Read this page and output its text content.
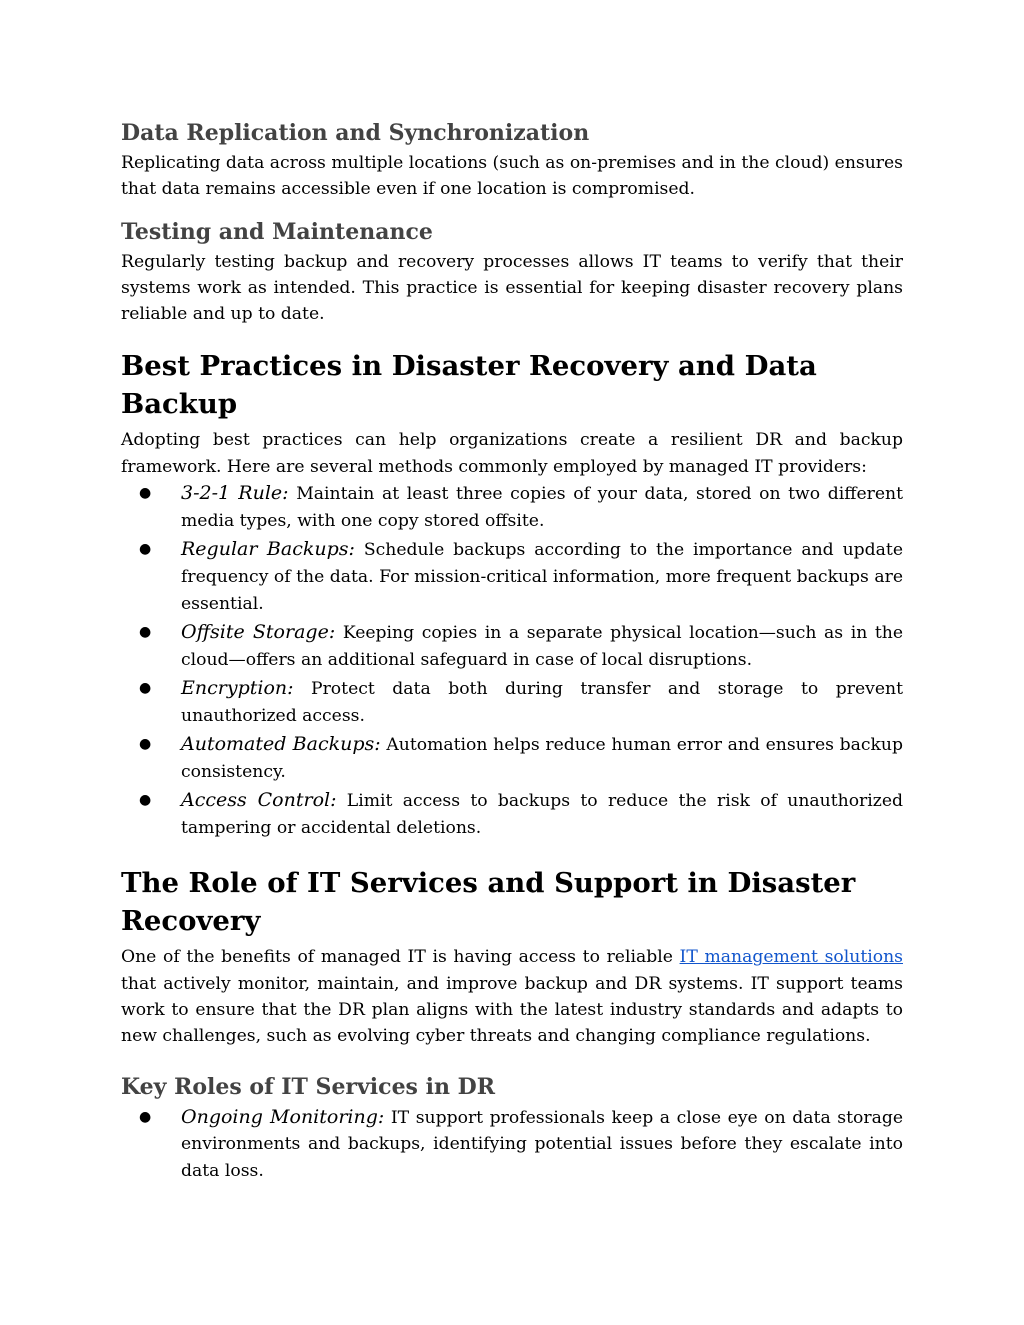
Data Replication and Synchronization

Replicating data across multiple locations (such as on-premises and in the cloud) ensures that data remains accessible even if one location is compromised.

Testing and Maintenance

Regularly testing backup and recovery processes allows IT teams to verify that their systems work as intended. This practice is essential for keeping disaster recovery plans reliable and up to date.

Best Practices in Disaster Recovery and Data Backup

Adopting best practices can help organizations create a resilient DR and backup framework. Here are several methods commonly employed by managed IT providers:

● 3-2-1 Rule: Maintain at least three copies of your data, stored on two different media types, with one copy stored offsite.
● Regular Backups: Schedule backups according to the importance and update frequency of the data. For mission-critical information, more frequent backups are essential.
● Offsite Storage: Keeping copies in a separate physical location—such as in the cloud—offers an additional safeguard in case of local disruptions.
● Encryption: Protect data both during transfer and storage to prevent unauthorized access.
● Automated Backups: Automation helps reduce human error and ensures backup consistency.
● Access Control: Limit access to backups to reduce the risk of unauthorized tampering or accidental deletions.
The Role of IT Services and Support in Disaster Recovery

One of the benefits of managed IT is having access to reliable IT management solutions that actively monitor, maintain, and improve backup and DR systems. IT support teams work to ensure that the DR plan aligns with the latest industry standards and adapts to new challenges, such as evolving cyber threats and changing compliance regulations.

Key Roles of IT Services in DR
● Ongoing Monitoring: IT support professionals keep a close eye on data storage environments and backups, identifying potential issues before they escalate into data loss.
